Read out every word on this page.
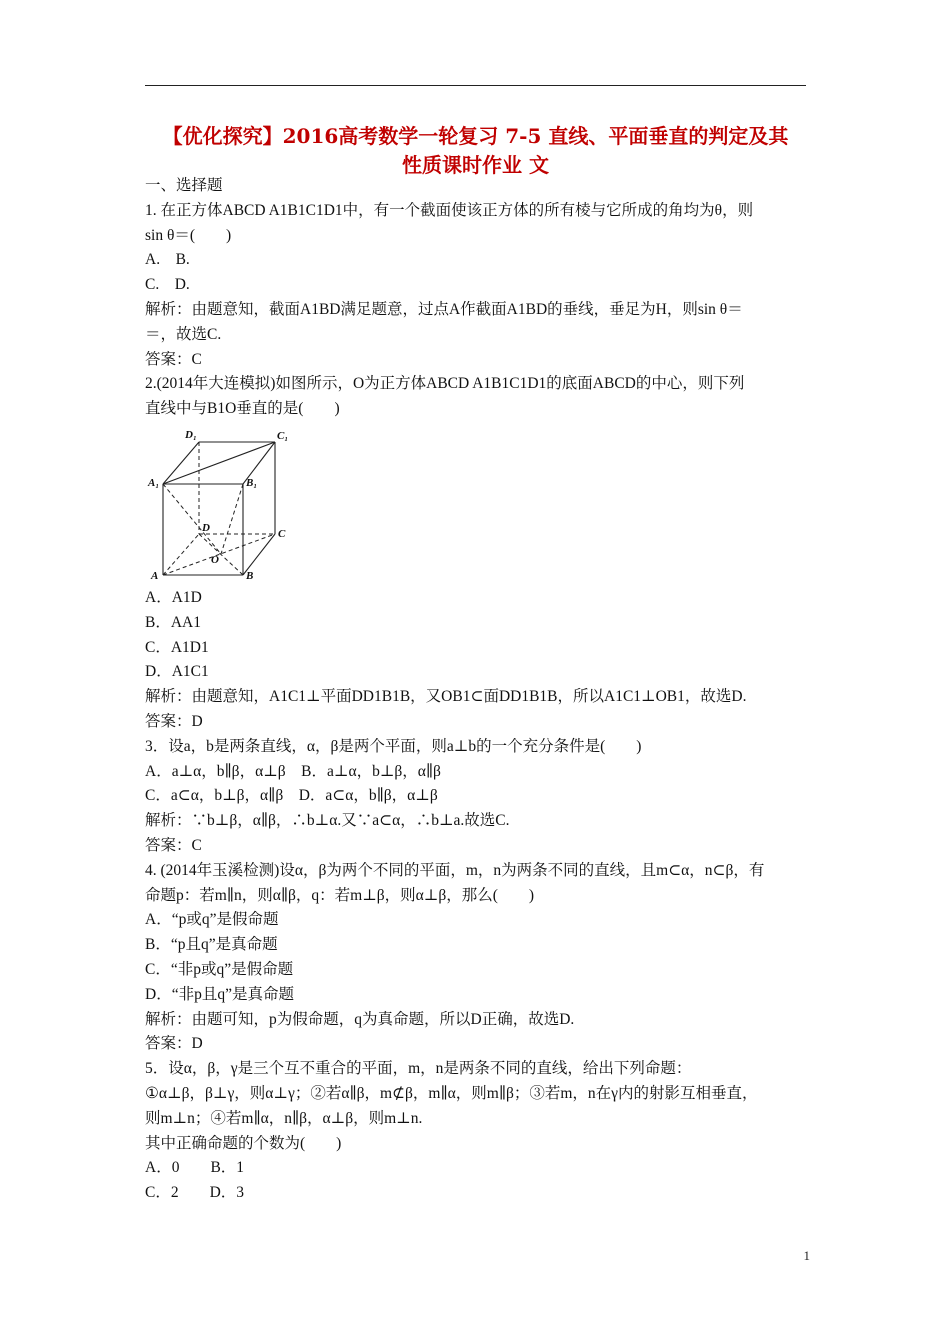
【优化探究】2016高考数学一轮复习 7-5 直线、平面垂直的判定及其
性质课时作业 文
一、选择题
1. 在正方体ABCD A1B1C1D1中，有一个截面使该正方体的所有棱与它所成的角均为θ，则
sin θ＝(　　)
A.　B.
C.　D.
解析：由题意知，截面A1BD满足题意，过点A作截面A1BD的垂线，垂足为H，则sin θ＝
＝，故选C.
答案：C
2.(2014年大连模拟)如图所示，O为正方体ABCD A1B1C1D1的底面ABCD的中心，则下列
直线中与B1O垂直的是(　　)
D₁	C₁
A₁	B₁
D	C
O
A	B
A．A1D
B．AA1
C．A1D1
D．A1C1
解析：由题意知，A1C1⊥平面DD1B1B，又OB1⊂面DD1B1B，所以A1C1⊥OB1，故选D.
答案：D
3．设a，b是两条直线，α，β是两个平面，则a⊥b的一个充分条件是(　　)
A．a⊥α，b∥β，α⊥β　B．a⊥α，b⊥β，α∥β
C．a⊂α，b⊥β，α∥β　D．a⊂α，b∥β，α⊥β
解析：∵b⊥β，α∥β，∴b⊥α.又∵a⊂α，∴b⊥a.故选C.
答案：C
4. (2014年玉溪检测)设α，β为两个不同的平面，m，n为两条不同的直线，且m⊂α，n⊂β，有
命题p：若m∥n，则α∥β，q：若m⊥β，则α⊥β，那么(　　)
A．“p或q”是假命题
B．“p且q”是真命题
C．“非p或q”是假命题
D．“非p且q”是真命题
解析：由题可知，p为假命题，q为真命题，所以D正确，故选D.
答案：D
5．设α，β，γ是三个互不重合的平面，m，n是两条不同的直线，给出下列命题：
①α⊥β，β⊥γ，则α⊥γ；②若α∥β，m⊄β，m∥α，则m∥β；③若m，n在γ内的射影互相垂直，
则m⊥n；④若m∥α，n∥β，α⊥β，则m⊥n.
其中正确命题的个数为(　　)
A．0　　B．1
C．2　　D．3
1
